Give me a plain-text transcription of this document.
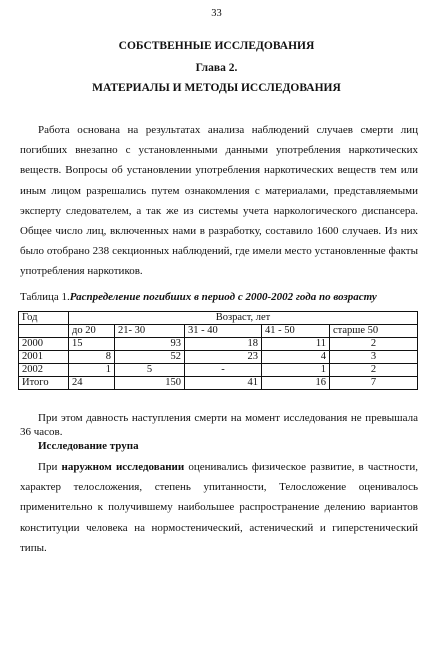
33
СОБСТВЕННЫЕ ИССЛЕДОВАНИЯ
Глава 2.
МАТЕРИАЛЫ И МЕТОДЫ ИССЛЕДОВАНИЯ
Работа основана на результатах анализа наблюдений случаев смерти лиц погибших внезапно с установленными данными употребления наркотических веществ. Вопросы об установлении употребления наркотических веществ тем или иным лицом разрешались путем ознакомления с материалами, представляемыми эксперту следователем, а так же из системы учета наркологического диспансера. Общее число лиц, включенных нами в разработку, составило 1600 случаев. Из них было отобрано 238 секционных наблюдений, где имели место установленные факты употребления наркотиков.
Таблица 1.Распределение погибших в период с 2000-2002 года по возрасту
Год	Возраст, лет				
	до 20	21- 30	31 - 40	41 - 50	старше 50
2000	15	93	18	11	2
2001	8	52	23	4	3
2002	1	5	-	1	2
Итого	24	150	41	16	7
При этом давность наступления смерти на момент исследования не превышала 36 часов.
Исследование трупа
При наружном исследовании оценивались физическое развитие, в частности, характер телосложения, степень упитанности, Телосложение оценивалось применительно к получившему наибольшее распространение делению вариантов конституции человека на нормостенический, астенический и гиперстенический типы.
